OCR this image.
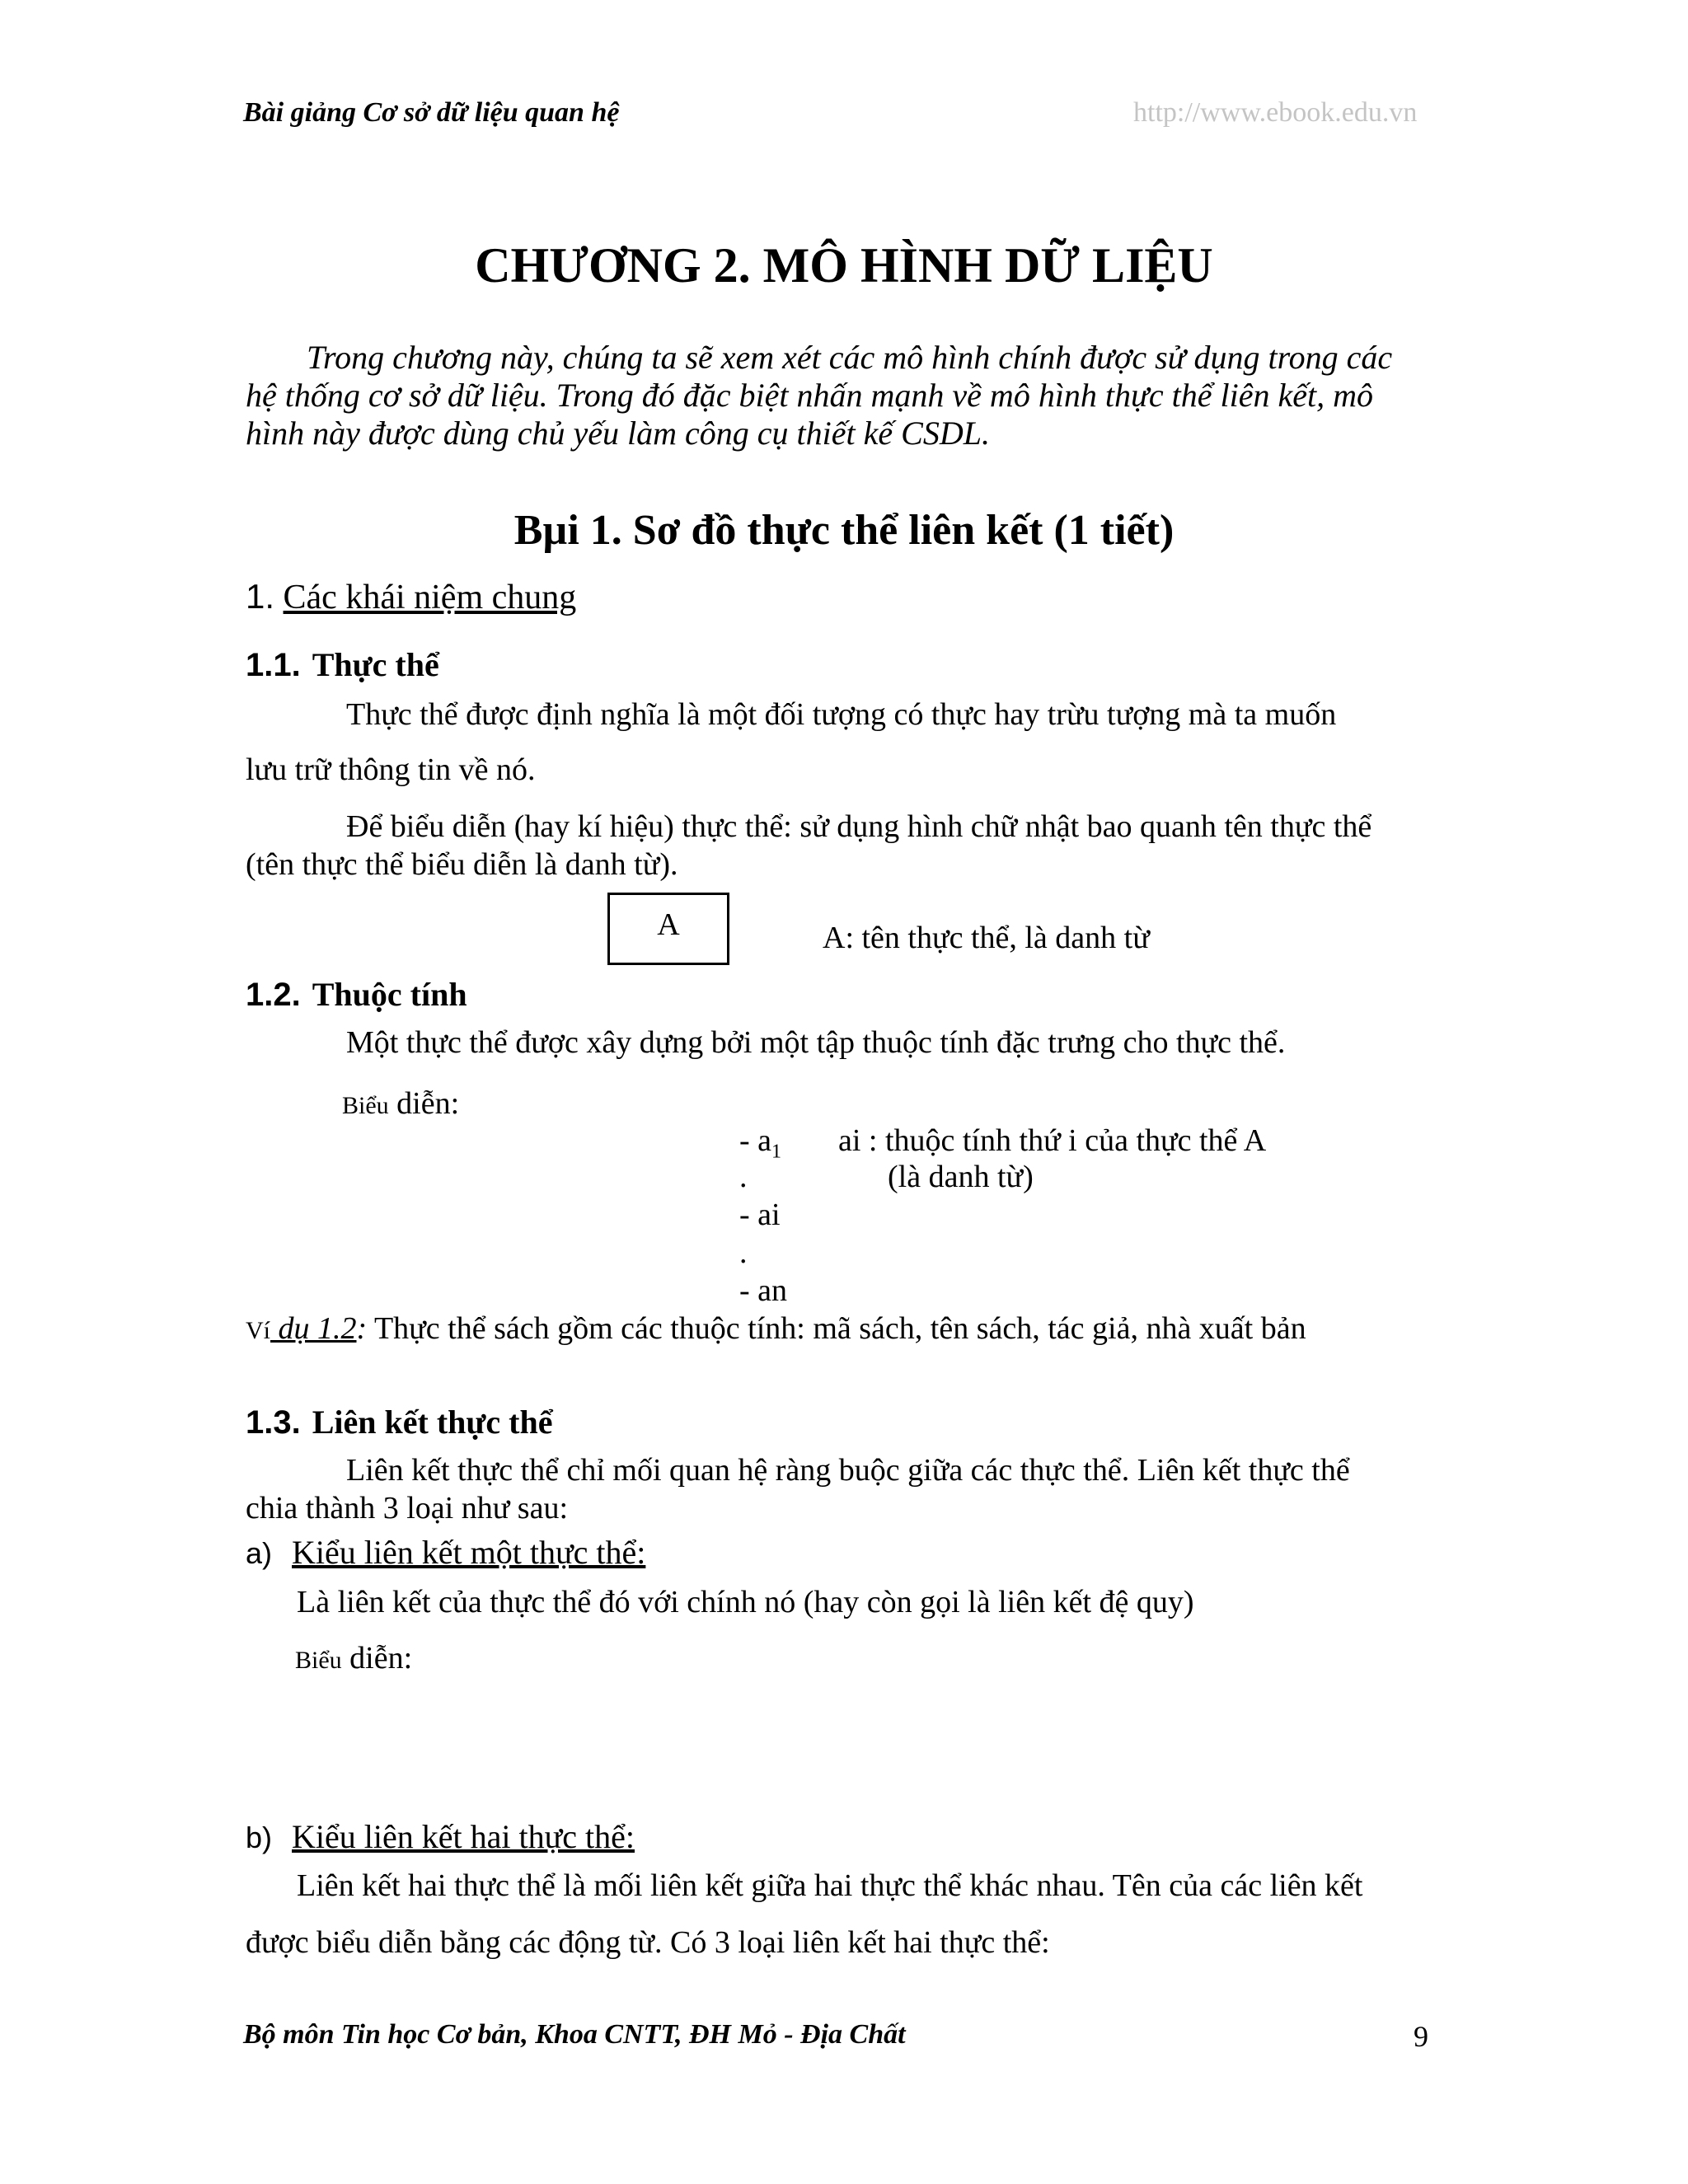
Bài giảng Cơ sở dữ liệu quan hệ	http://www.ebook.edu.vn
CHƯƠNG 2. MÔ HÌNH DỮ LIỆU
Trong chương này, chúng ta sẽ xem xét các mô hình chính được sử dụng trong các
hệ thống cơ sở dữ liệu. Trong đó đặc biệt nhấn mạnh về mô hình thực thể liên kết, mô
hình này được dùng chủ yếu làm công cụ thiết kế CSDL.
Bµi 1. Sơ đồ thực thể liên kết (1 tiết)
1. Các khái niệm chung
1.1. Thực thể
Thực thể được định nghĩa là một đối tượng có thực hay trừu tượng mà ta muốn
lưu trữ thông tin về nó.
Để biểu diễn (hay kí hiệu) thực thể: sử dụng hình chữ nhật bao quanh tên thực thể
(tên thực thể biểu diễn là danh từ).
A	A: tên thực thể, là danh từ
1.2. Thuộc tính
Một thực thể được xây dựng bởi một tập thuộc tính đặc trưng cho thực thể.
Biểu diễn:
- $a_1$ ai : thuộc tính thứ i của thực thể A
.	(là danh từ)
- ai
.
- an
Ví dụ 1.2: Thực thể sách gồm các thuộc tính: mã sách, tên sách, tác giả, nhà xuất bản
1.3. Liên kết thực thể
Liên kết thực thể chỉ mối quan hệ ràng buộc giữa các thực thể. Liên kết thực thể
chia thành 3 loại như sau:
a) Kiểu liên kết một thực thể:
Là liên kết của thực thể đó với chính nó (hay còn gọi là liên kết đệ quy)
Biểu diễn:
b) Kiểu liên kết hai thực thể:
Liên kết hai thực thể là mối liên kết giữa hai thực thể khác nhau. Tên của các liên kết
được biểu diễn bằng các động từ. Có 3 loại liên kết hai thực thể:
Bộ môn Tin học Cơ bản, Khoa CNTT, ĐH Mỏ - Địa Chất	9
